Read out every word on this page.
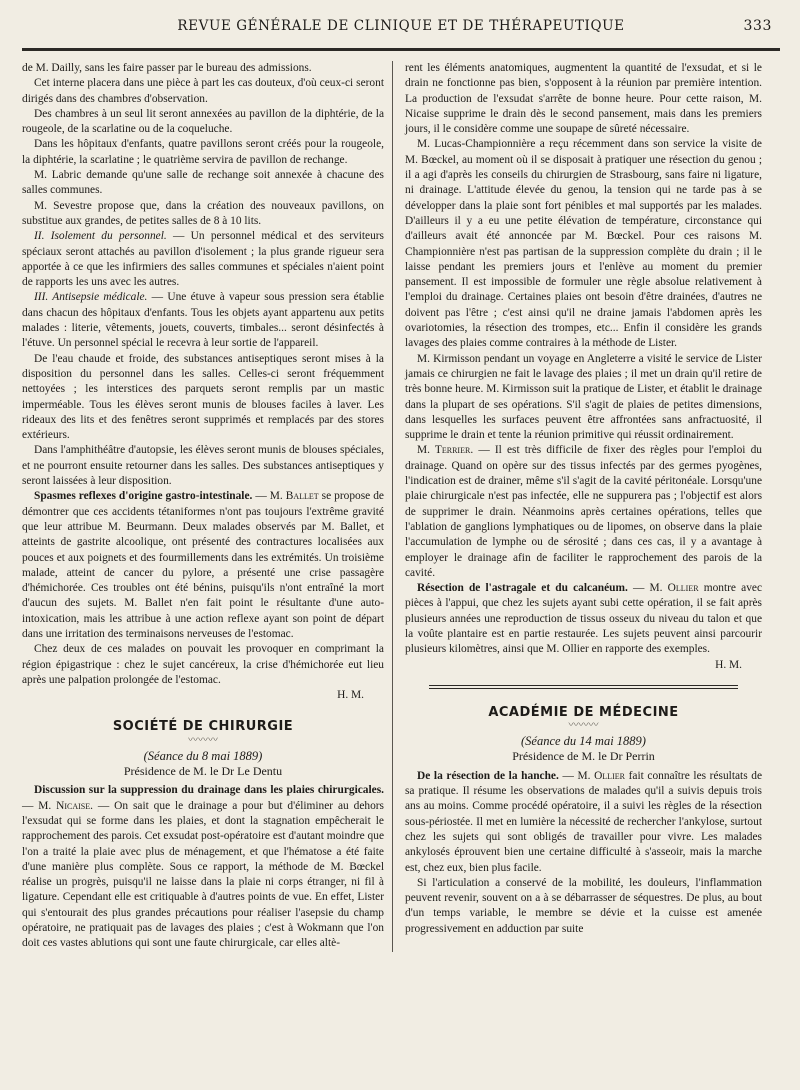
REVUE GÉNÉRALE DE CLINIQUE ET DE THÉRAPEUTIQUE	333

de M. Dailly, sans les faire passer par le bureau des admissions.

Cet interne placera dans une pièce à part les cas douteux, d'où ceux-ci seront dirigés dans des chambres d'observation.

Des chambres à un seul lit seront annexées au pavillon de la diphtérie, de la rougeole, de la scarlatine ou de la coqueluche.

Dans les hôpitaux d'enfants, quatre pavillons seront créés pour la rougeole, la diphtérie, la scarlatine ; le quatrième servira de pavillon de rechange.

M. Labric demande qu'une salle de rechange soit annexée à chacune des salles communes.

M. Sevestre propose que, dans la création des nouveaux pavillons, on substitue aux grandes, de petites salles de 8 à 10 lits.

II. Isolement du personnel. — Un personnel médical et des serviteurs spéciaux seront attachés au pavillon d'isolement ; la plus grande rigueur sera apportée à ce que les infirmiers des salles communes et spéciales n'aient point de rapports les uns avec les autres.

III. Antisepsie médicale. — Une étuve à vapeur sous pression sera établie dans chacun des hôpitaux d'enfants. Tous les objets ayant appartenu aux petits malades : literie, vêtements, jouets, couverts, timbales... seront désinfectés à l'étuve. Un personnel spécial le recevra à leur sortie de l'appareil.

De l'eau chaude et froide, des substances antiseptiques seront mises à la disposition du personnel dans les salles. Celles-ci seront fréquemment nettoyées ; les interstices des parquets seront remplis par un mastic imperméable. Tous les élèves seront munis de blouses faciles à laver. Les rideaux des lits et des fenêtres seront supprimés et remplacés par des stores extérieurs.

Dans l'amphithéâtre d'autopsie, les élèves seront munis de blouses spéciales, et ne pourront ensuite retourner dans les salles. Des substances antiseptiques y seront laissées à leur disposition.

Spasmes reflexes d'origine gastro-intestinale. — M. Ballet se propose de démontrer que ces accidents tétaniformes n'ont pas toujours l'extrême gravité que leur attribue M. Beurmann. Deux malades observés par M. Ballet, et atteints de gastrite alcoolique, ont présenté des contractures localisées aux pouces et aux poignets et des fourmillements dans les extrémités. Un troisième malade, atteint de cancer du pylore, a présenté une crise passagère d'hémichorée. Ces troubles ont été bénins, puisqu'ils n'ont entraîné la mort d'aucun des sujets. M. Ballet n'en fait point le résultante d'une auto-intoxication, mais les attribue à une action reflexe ayant son point de départ dans une irritation des terminaisons nerveuses de l'estomac.

Chez deux de ces malades on pouvait les provoquer en comprimant la région épigastrique : chez le sujet cancéreux, la crise d'hémichorée eut lieu après une palpation prolongée de l'estomac.

H. M.

SOCIÉTÉ DE CHIRURGIE
〰〰〰
(Séance du 8 mai 1889)
Présidence de M. le Dr Le Dentu

Discussion sur la suppression du drainage dans les plaies chirurgicales. — M. Nicaise. — On sait que le drainage a pour but d'éliminer au dehors l'exsudat qui se forme dans les plaies, et dont la stagnation empêcherait le rapprochement des parois. Cet exsudat post-opératoire est d'autant moindre que l'on a traité la plaie avec plus de ménagement, et que l'hématose a été faite d'une manière plus complète. Sous ce rapport, la méthode de M. Bœckel réalise un progrès, puisqu'il ne laisse dans la plaie ni corps étranger, ni fil à ligature. Cependant elle est critiquable à d'autres points de vue. En effet, Lister qui s'entourait des plus grandes précautions pour réaliser l'asepsie du champ opératoire, ne pratiquait pas de lavages des plaies ; c'est à Wokmann que l'on doit ces vastes ablutions qui sont une faute chirurgicale, car elles altè-

rent les éléments anatomiques, augmentent la quantité de l'exsudat, et si le drain ne fonctionne pas bien, s'opposent à la réunion par première intention. La production de l'exsudat s'arrête de bonne heure. Pour cette raison, M. Nicaise supprime le drain dès le second pansement, mais dans les premiers jours, il le considère comme une soupape de sûreté nécessaire.

M. Lucas-Championnière a reçu récemment dans son service la visite de M. Bœckel, au moment où il se disposait à pratiquer une résection du genou ; il a agi d'après les conseils du chirurgien de Strasbourg, sans faire ni ligature, ni drainage. L'attitude élevée du genou, la tension qui ne tarde pas à se développer dans la plaie sont fort pénibles et mal supportés par les malades. D'ailleurs il y a eu une petite élévation de température, circonstance qui d'ailleurs avait été annoncée par M. Bœckel. Pour ces raisons M. Championnière n'est pas partisan de la suppression complète du drain ; il le laisse pendant les premiers jours et l'enlève au moment du premier pansement. Il est impossible de formuler une règle absolue relativement à l'emploi du drainage. Certaines plaies ont besoin d'être drainées, d'autres ne doivent pas l'être ; c'est ainsi qu'il ne draine jamais l'abdomen après les ovariotomies, la résection des trompes, etc... Enfin il considère les grands lavages des plaies comme contraires à la méthode de Lister.

M. Kirmisson pendant un voyage en Angleterre a visité le service de Lister jamais ce chirurgien ne fait le lavage des plaies ; il met un drain qu'il retire de très bonne heure. M. Kirmisson suit la pratique de Lister, et établit le drainage dans la plupart de ses opérations. S'il s'agit de plaies de petites dimensions, dans lesquelles les surfaces peuvent être affrontées sans anfractuosité, il supprime le drain et tente la réunion primitive qui réussit ordinairement.

M. Terrier. — Il est très difficile de fixer des règles pour l'emploi du drainage. Quand on opère sur des tissus infectés par des germes pyogènes, l'indication est de drainer, même s'il s'agit de la cavité péritonéale. Lorsqu'une plaie chirurgicale n'est pas infectée, elle ne suppurera pas ; l'objectif est alors de supprimer le drain. Néanmoins après certaines opérations, telles que l'ablation de ganglions lymphatiques ou de lipomes, on observe dans la plaie l'accumulation de lymphe ou de sérosité ; dans ces cas, il y a avantage à employer le drainage afin de faciliter le rapprochement des parois de la cavité.

Résection de l'astragale et du calcanéum. — M. Ollier montre avec pièces à l'appui, que chez les sujets ayant subi cette opération, il se fait après plusieurs années une reproduction de tissus osseux du niveau du talon et que la voûte plantaire est en partie restaurée. Les sujets peuvent ainsi parcourir plusieurs kilomètres, ainsi que M. Ollier en rapporte des exemples.

H. M.

ACADÉMIE DE MÉDECINE
〰〰〰
(Séance du 14 mai 1889)
Présidence de M. le Dr Perrin

De la résection de la hanche. — M. Ollier fait connaître les résultats de sa pratique. Il résume les observations de malades qu'il a suivis depuis trois ans au moins. Comme procédé opératoire, il a suivi les règles de la résection sous-périostée. Il met en lumière la nécessité de rechercher l'ankylose, surtout chez les sujets qui sont obligés de travailler pour vivre. Les malades ankylosés éprouvent bien une certaine difficulté à s'asseoir, mais la marche est, chez eux, bien plus facile.

Si l'articulation a conservé de la mobilité, les douleurs, l'inflammation peuvent revenir, souvent on a à se débarrasser de séquestres. De plus, au bout d'un temps variable, le membre se dévie et la cuisse est amenée progressivement en adduction par suite
